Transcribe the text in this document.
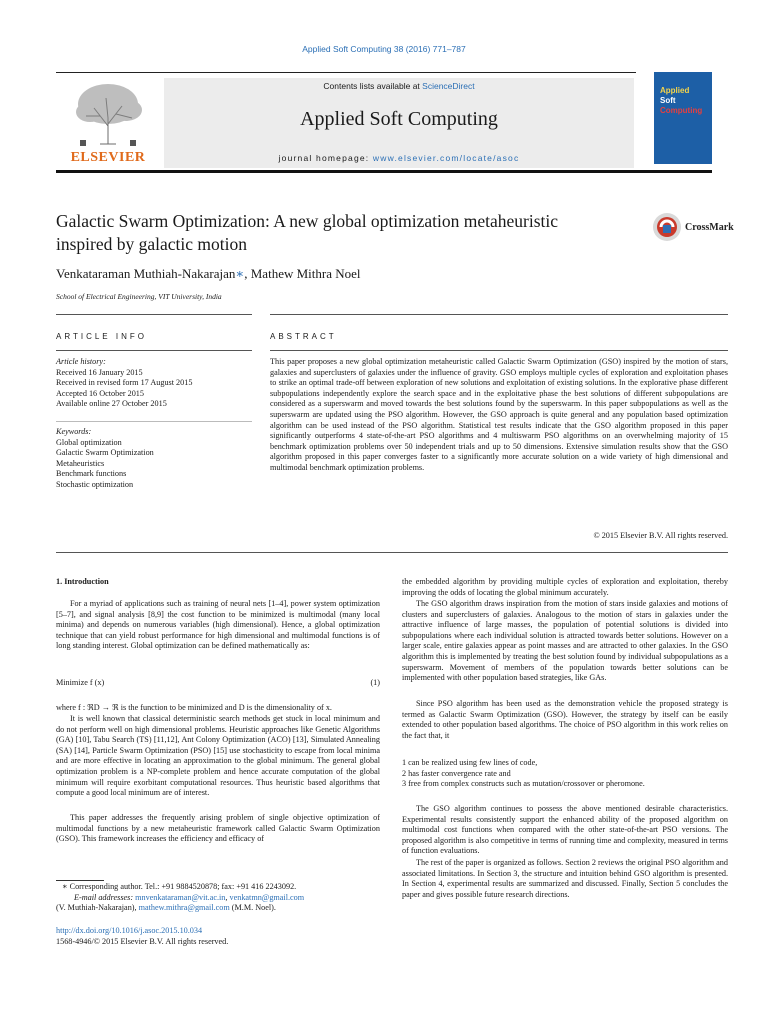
Applied Soft Computing 38 (2016) 771–787
ELSEVIER
Contents lists available at ScienceDirect
Applied Soft Computing
journal homepage: www.elsevier.com/locate/asoc
Applied
Soft
Computing
Galactic Swarm Optimization: A new global optimization metaheuristic inspired by galactic motion
CrossMark
Venkataraman Muthiah-Nakarajan∗, Mathew Mithra Noel
School of Electrical Engineering, VIT University, India
ARTICLE INFO
Article history:
Received 16 January 2015
Received in revised form 17 August 2015
Accepted 16 October 2015
Available online 27 October 2015
Keywords:
Global optimization
Galactic Swarm Optimization
Metaheuristics
Benchmark functions
Stochastic optimization
ABSTRACT
This paper proposes a new global optimization metaheuristic called Galactic Swarm Optimization (GSO) inspired by the motion of stars, galaxies and superclusters of galaxies under the influence of gravity. GSO employs multiple cycles of exploration and exploitation phases to strike an optimal trade-off between exploration of new solutions and exploitation of existing solutions. In the explorative phase different subpopulations independently explore the search space and in the exploitative phase the best solutions of different subpopulations are considered as a superswarm and moved towards the best solutions found by the superswarm. In this paper subpopulations as well as the superswarm are updated using the PSO algorithm. However, the GSO approach is quite general and any population based optimization algorithm can be used instead of the PSO algorithm. Statistical test results indicate that the GSO algorithm proposed in this paper significantly outperforms 4 state-of-the-art PSO algorithms and 4 multiswarm PSO algorithms on an overwhelming majority of 15 benchmark optimization problems over 50 independent trials and up to 50 dimensions. Extensive simulation results show that the GSO algorithm proposed in this paper converges faster to a significantly more accurate solution on a wide variety of high dimensional and multimodal benchmark optimization problems.
© 2015 Elsevier B.V. All rights reserved.
1. Introduction
For a myriad of applications such as training of neural nets [1–4], power system optimization [5–7], and signal analysis [8,9] the cost function to be minimized is multimodal (many local minima) and depends on numerous variables (high dimensional). Hence, a global optimization technique that can yield robust performance for high dimensional and multimodal functions is of long standing interest. Global optimization can be defined mathematically as:
Minimize f (x)	(1)
where f : ℜD → ℜ is the function to be minimized and D is the dimensionality of x.
It is well known that classical deterministic search methods get stuck in local minimum and do not perform well on high dimensional problems. Heuristic approaches like Genetic Algorithms (GA) [10], Tabu Search (TS) [11,12], Ant Colony Optimization (ACO) [13], Simulated Annealing (SA) [14], Particle Swarm Optimization (PSO) [15] use stochasticity to escape from local minima and are more effective in locating an approximation to the global minimum. The general global optimization problem is a NP-complete problem and hence accurate computation of the global minimum will require exorbitant computational resources. Thus heuristic based algorithms that compute a good local minimum are of interest.
This paper addresses the frequently arising problem of single objective optimization of multimodal functions by a new metaheuristic framework called Galactic Swarm Optimization (GSO). This framework increases the efficiency and efficacy of
the embedded algorithm by providing multiple cycles of exploration and exploitation, thereby improving the odds of locating the global minimum accurately.
The GSO algorithm draws inspiration from the motion of stars inside galaxies and motions of clusters and superclusters of galaxies. Analogous to the motion of stars in galaxies under the attractive influence of large masses, the population of potential solutions is divided into subpopulations where each individual solution is attracted towards better solutions. However on a larger scale, entire galaxies appear as point masses and are attracted to other galaxies. In the GSO algorithm this is implemented by treating the best solution found by individual subpopulations as a superswarm. Movement of members of the population towards better solutions can be implemented with other population based strategies, like GAs.
Since PSO algorithm has been used as the demonstration vehicle the proposed strategy is termed as Galactic Swarm Optimization (GSO). However, the strategy by itself can be easily extended to other population based algorithms. The choice of PSO algorithm in this work relies on the fact that, it
1 can be realized using few lines of code,
2 has faster convergence rate and
3 free from complex constructs such as mutation/crossover or pheromone.
The GSO algorithm continues to possess the above mentioned desirable characteristics. Experimental results consistently support the enhanced ability of the proposed algorithm on multimodal cost functions when compared with the other state-of-the-art PSO versions. The proposed algorithm is also competitive in terms of running time and complexity, measured in terms of function evaluations.
The rest of the paper is organized as follows. Section 2 reviews the original PSO algorithm and associated limitations. In Section 3, the structure and intuition behind GSO algorithm is presented. In Section 4, experimental results are summarized and discussed. Finally, Section 5 concludes the paper and gives possible future research directions.
∗ Corresponding author. Tel.: +91 9884520878; fax: +91 416 2243092.
E-mail addresses: mnvenkataraman@vit.ac.in, venkatmn@gmail.com
(V. Muthiah-Nakarajan), mathew.mithra@gmail.com (M.M. Noel).
http://dx.doi.org/10.1016/j.asoc.2015.10.034
1568-4946/© 2015 Elsevier B.V. All rights reserved.
